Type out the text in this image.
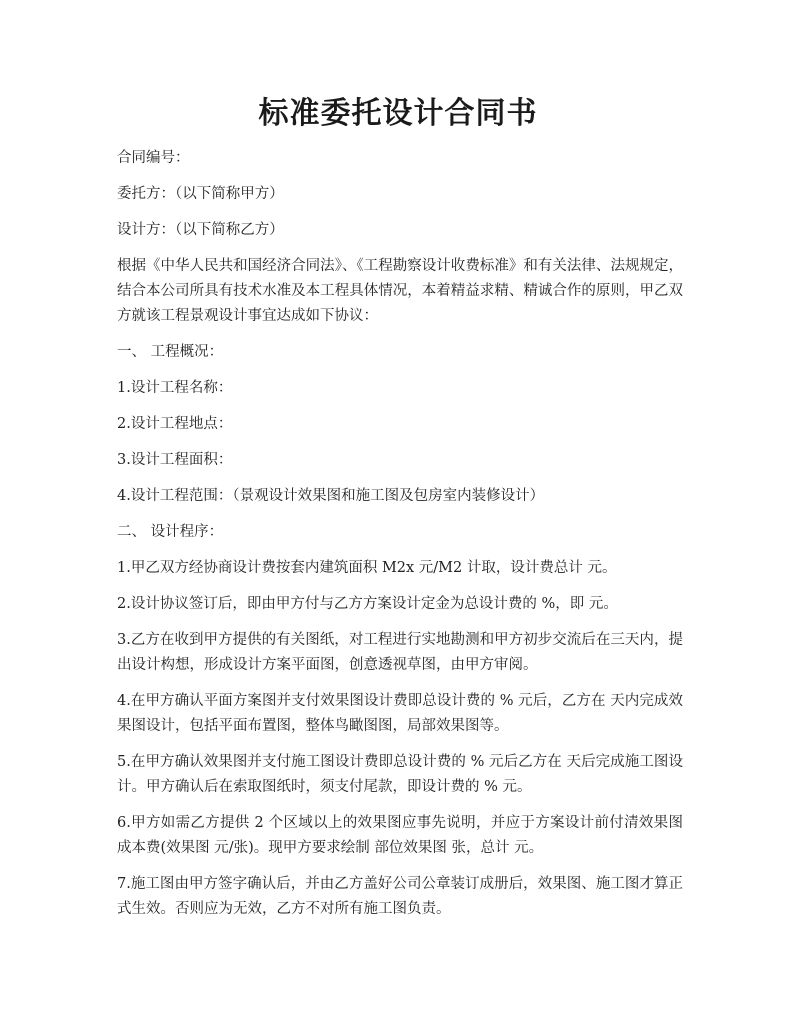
标准委托设计合同书

合同编号：

委托方：（以下简称甲方）

设计方：（以下简称乙方）

根据《中华人民共和国经济合同法》、《工程勘察设计收费标准》和有关法律、法规规定，结合本公司所具有技术水准及本工程具体情况，本着精益求精、精诚合作的原则，甲乙双方就该工程景观设计事宜达成如下协议：

一、 工程概况：

1.设计工程名称：

2.设计工程地点：

3.设计工程面积：

4.设计工程范围：（景观设计效果图和施工图及包房室内装修设计）

二、 设计程序：

1.甲乙双方经协商设计费按套内建筑面积 M2x 元/M2 计取，设计费总计 元。

2.设计协议签订后，即由甲方付与乙方方案设计定金为总设计费的 %，即 元。

3.乙方在收到甲方提供的有关图纸，对工程进行实地勘测和甲方初步交流后在三天内，提出设计构想，形成设计方案平面图，创意透视草图，由甲方审阅。

4.在甲方确认平面方案图并支付效果图设计费即总设计费的 % 元后，乙方在 天内完成效果图设计，包括平面布置图，整体鸟瞰图图，局部效果图等。

5.在甲方确认效果图并支付施工图设计费即总设计费的 % 元后乙方在 天后完成施工图设计。甲方确认后在索取图纸时，须支付尾款，即设计费的 % 元。

6.甲方如需乙方提供 2 个区域以上的效果图应事先说明，并应于方案设计前付清效果图成本费(效果图 元/张)。现甲方要求绘制 部位效果图 张，总计 元。

7.施工图由甲方签字确认后，并由乙方盖好公司公章装订成册后，效果图、施工图才算正式生效。否则应为无效，乙方不对所有施工图负责。
